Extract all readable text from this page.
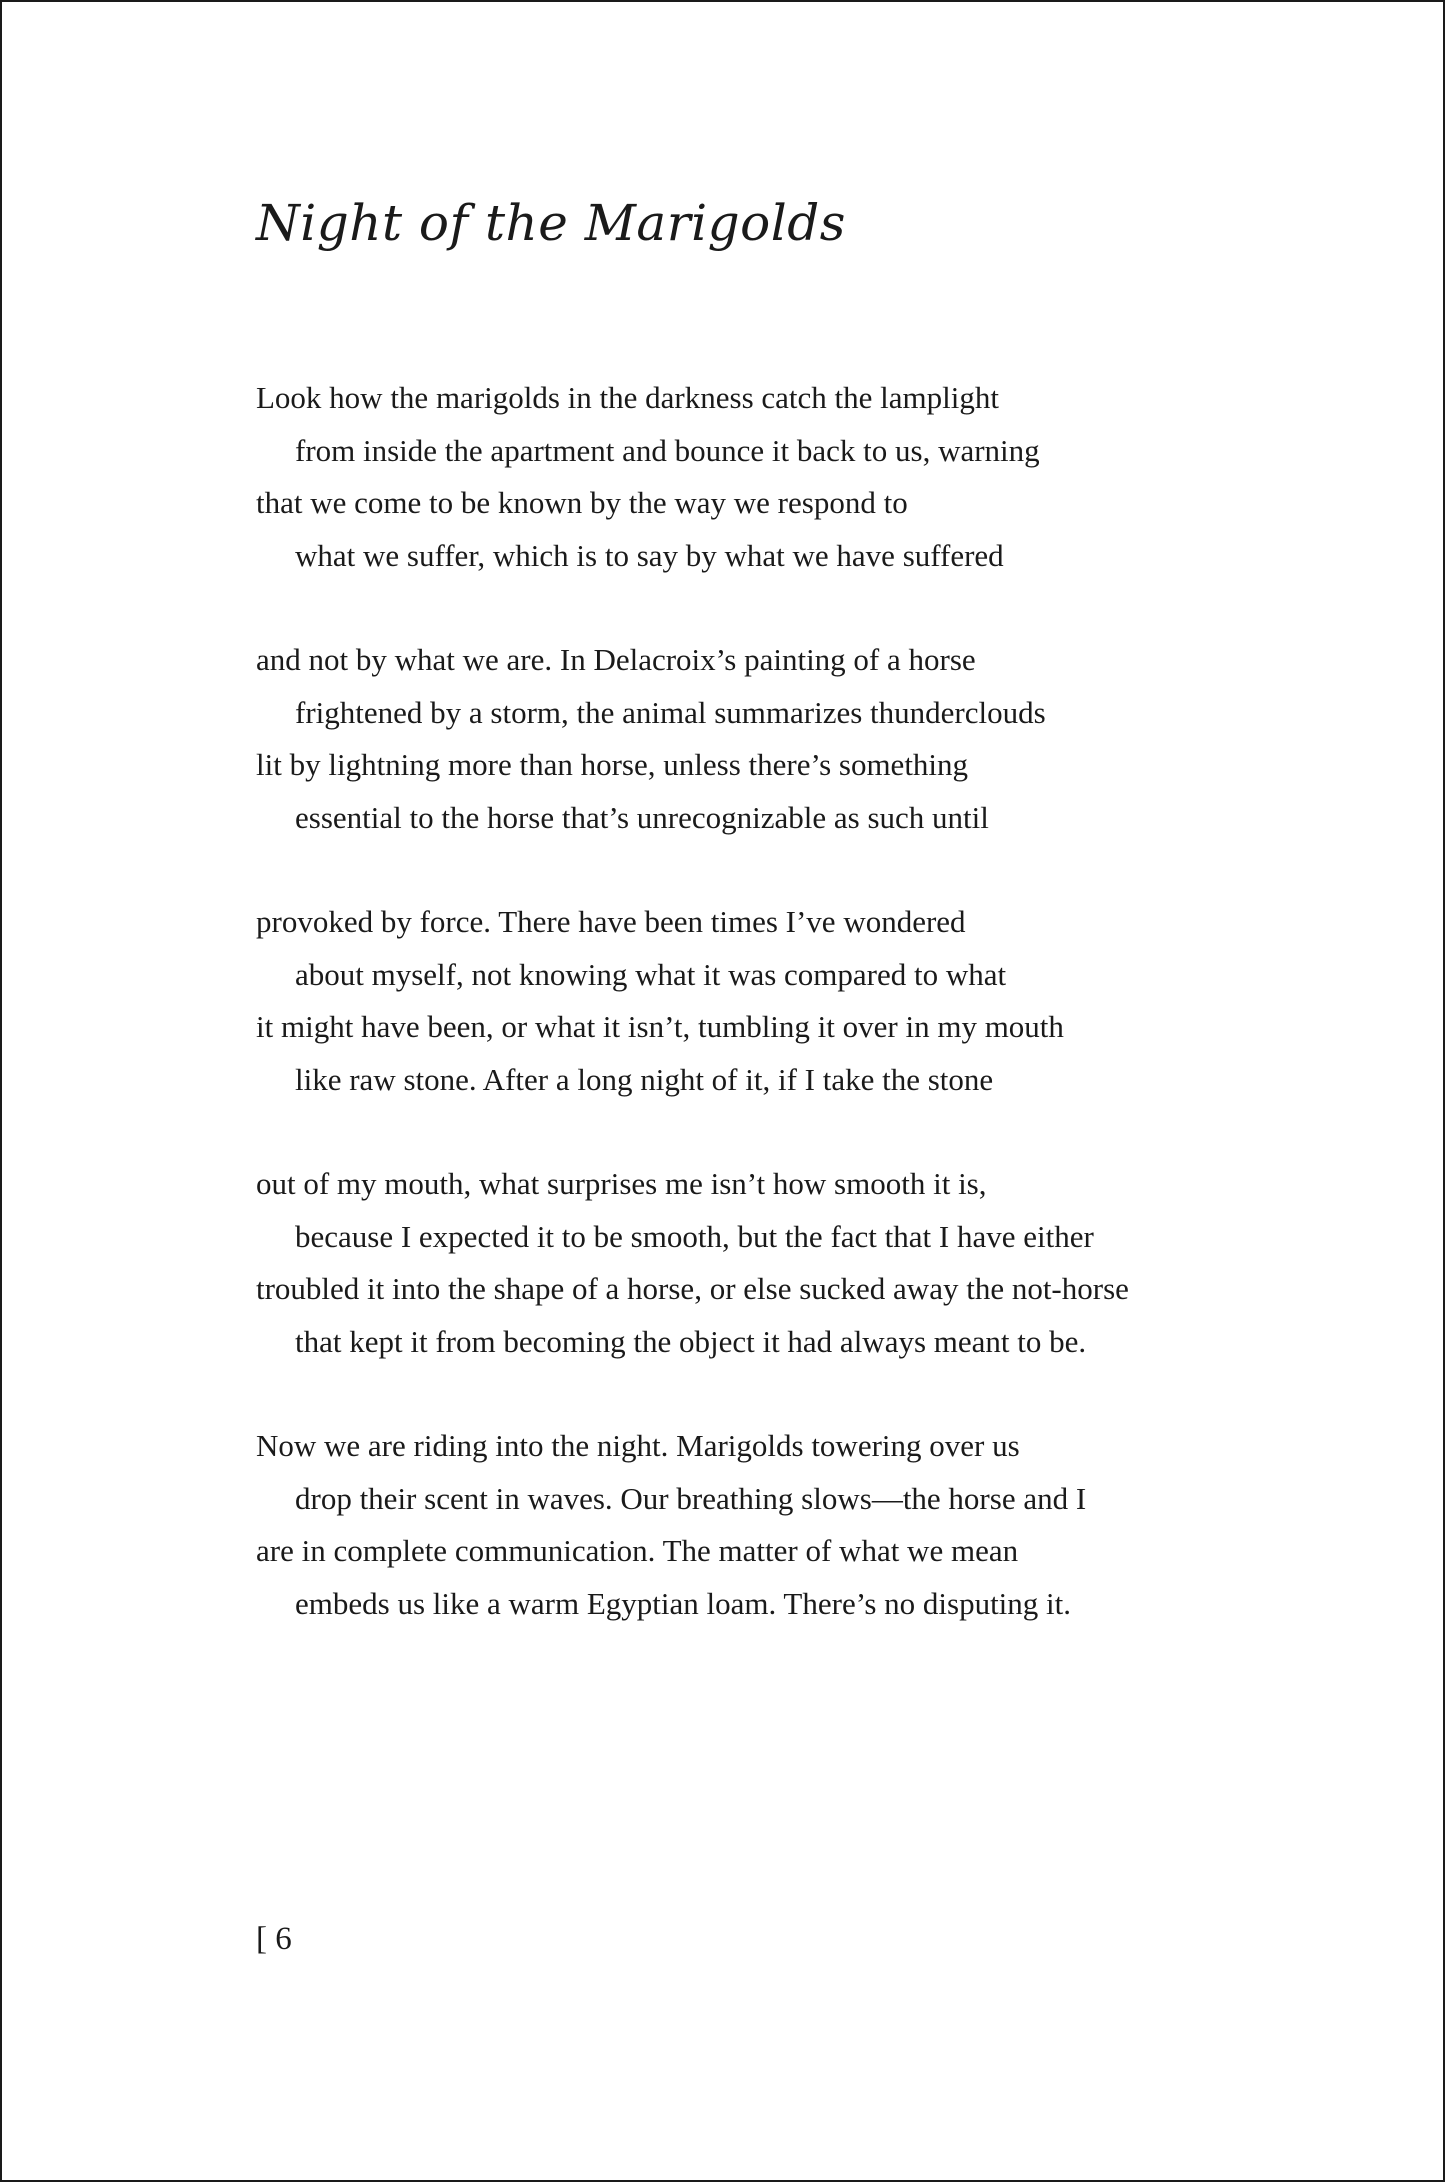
Night of the Marigolds
Look how the marigolds in the darkness catch the lamplight
from inside the apartment and bounce it back to us, warning
that we come to be known by the way we respond to
what we suffer, which is to say by what we have suffered
and not by what we are. In Delacroix’s painting of a horse
frightened by a storm, the animal summarizes thunderclouds
lit by lightning more than horse, unless there’s something
essential to the horse that’s unrecognizable as such until
provoked by force. There have been times I’ve wondered
about myself, not knowing what it was compared to what
it might have been, or what it isn’t, tumbling it over in my mouth
like raw stone. After a long night of it, if I take the stone
out of my mouth, what surprises me isn’t how smooth it is,
because I expected it to be smooth, but the fact that I have either
troubled it into the shape of a horse, or else sucked away the not-horse
that kept it from becoming the object it had always meant to be.
Now we are riding into the night. Marigolds towering over us
drop their scent in waves. Our breathing slows—the horse and I
are in complete communication. The matter of what we mean
embeds us like a warm Egyptian loam. There’s no disputing it.
[ 6
